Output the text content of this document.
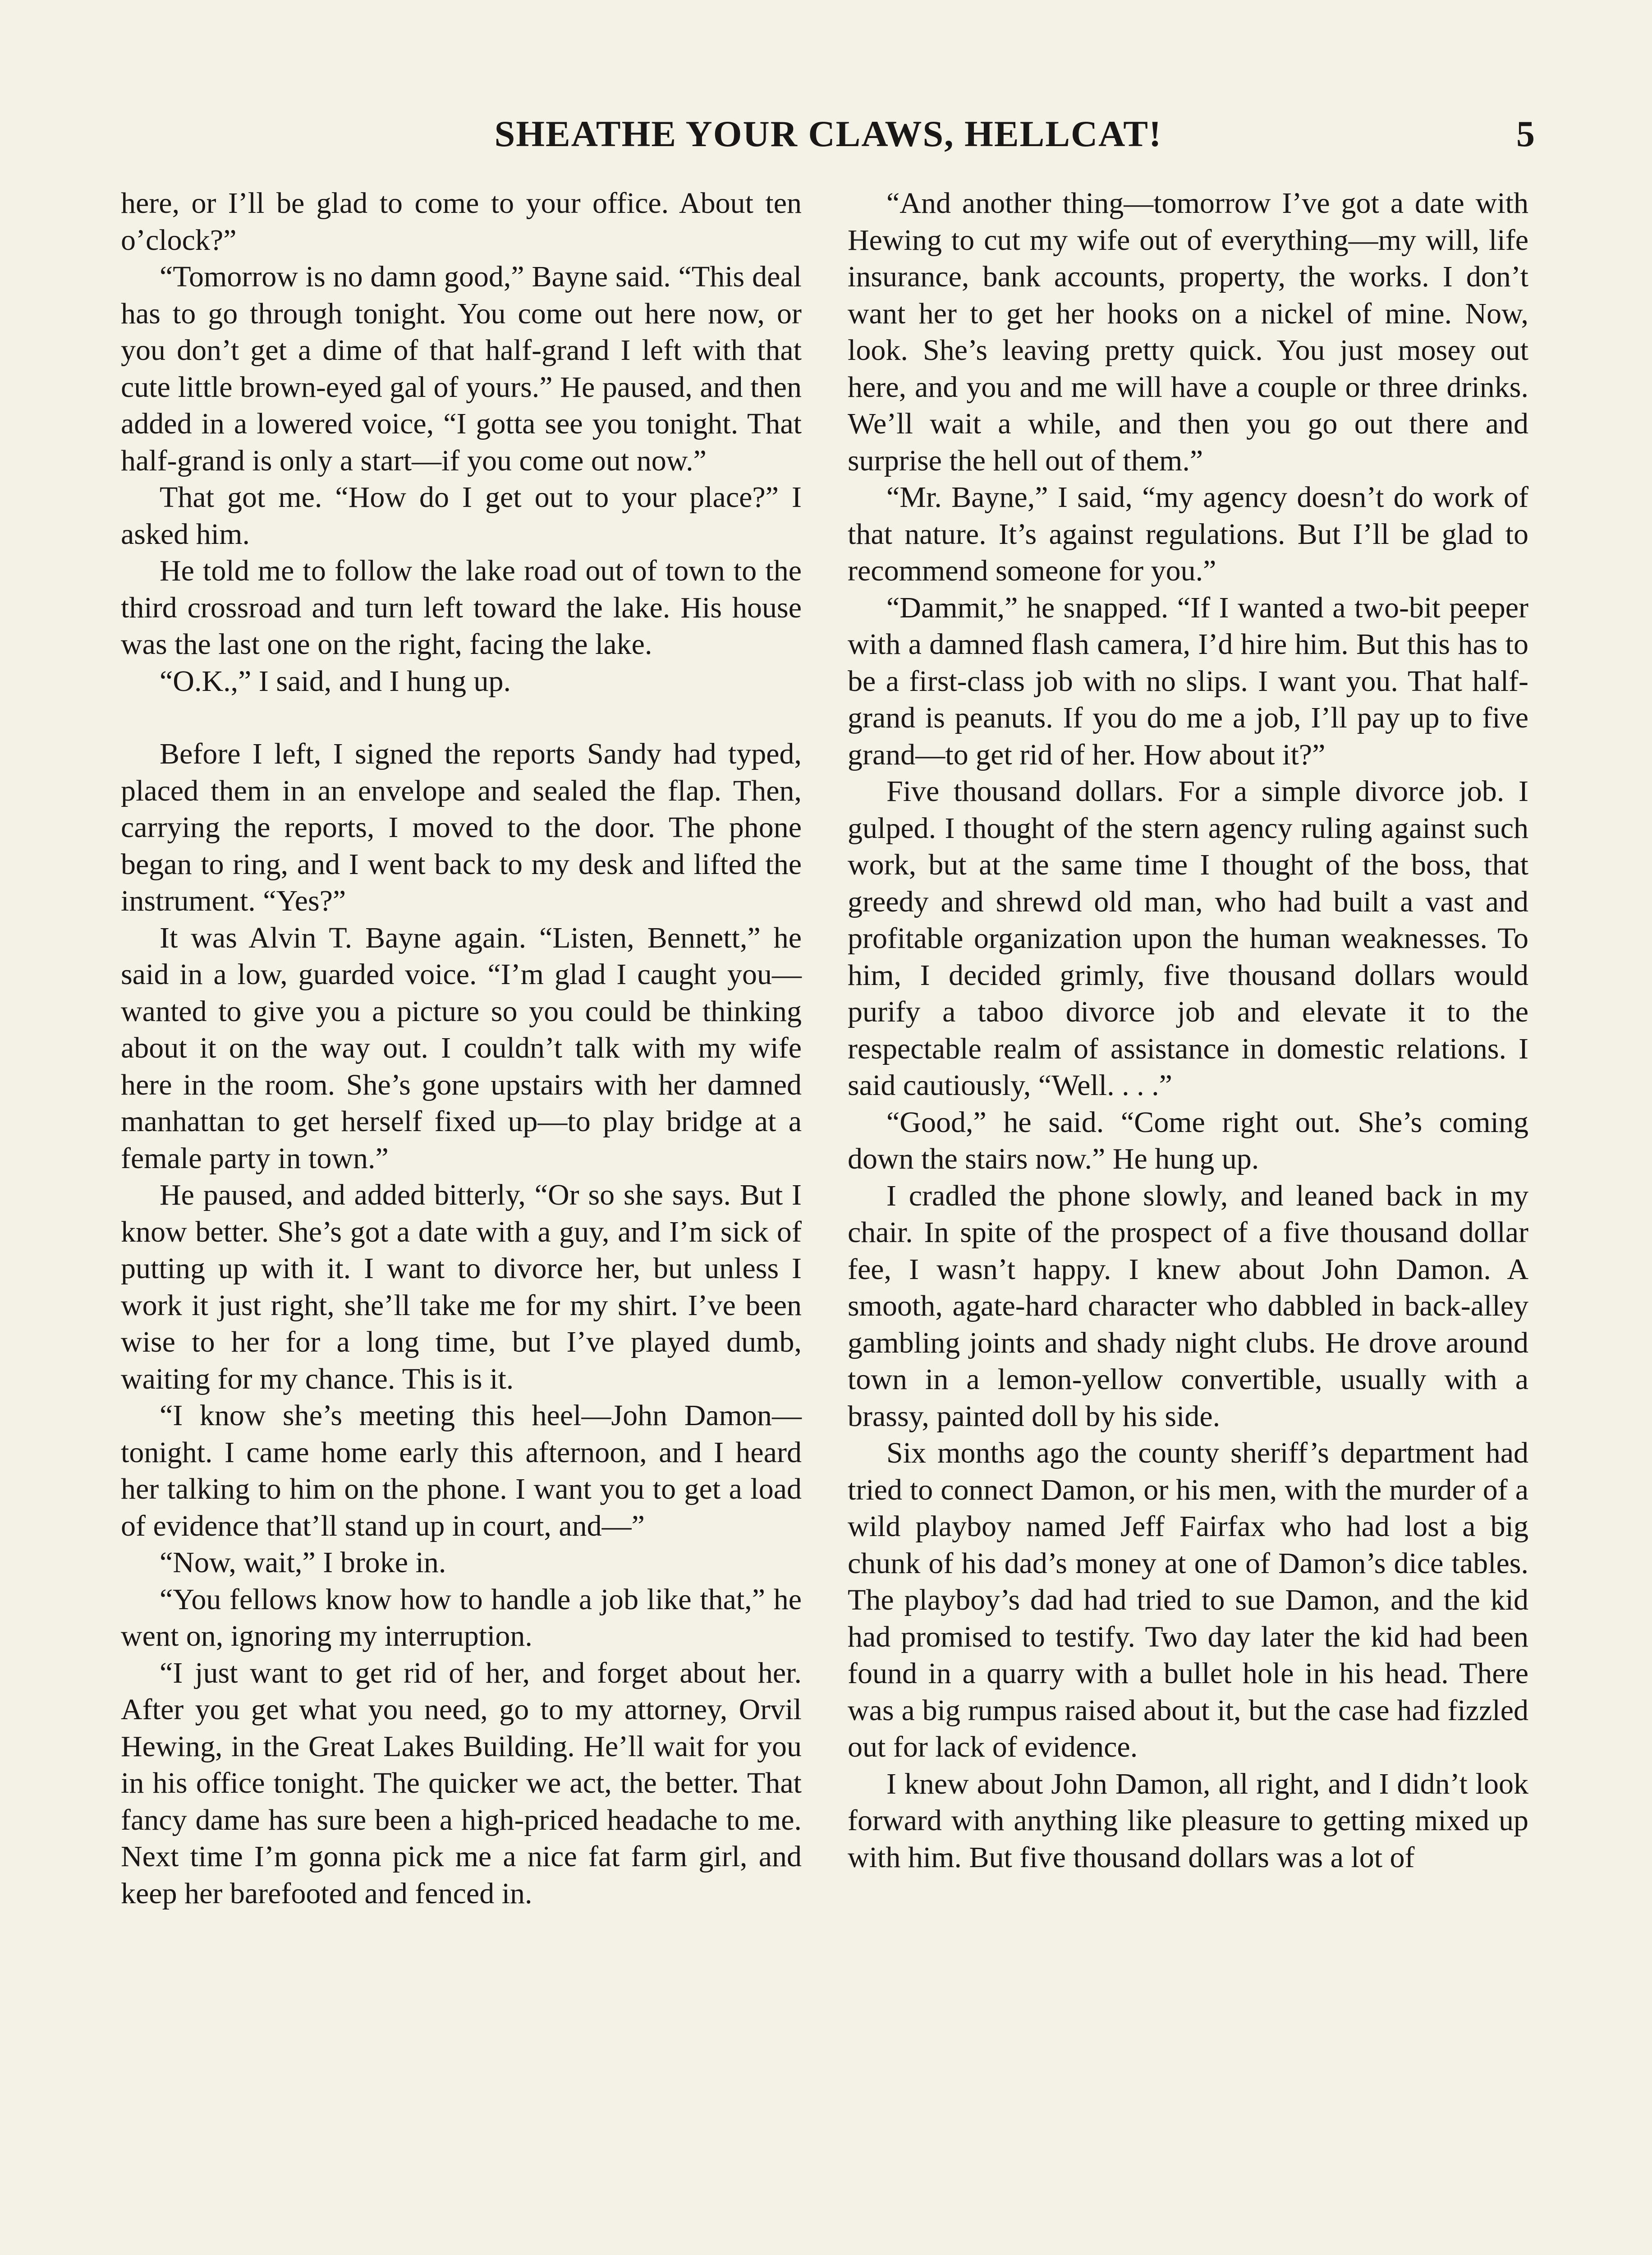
SHEATHE YOUR CLAWS, HELLCAT!	5

here, or I’ll be glad to come to your office. About ten o’clock?”

“Tomorrow is no damn good,” Bayne said. “This deal has to go through tonight. You come out here now, or you don’t get a dime of that half-grand I left with that cute little brown-eyed gal of yours.” He paused, and then added in a lowered voice, “I gotta see you tonight. That half-grand is only a start—if you come out now.”

That got me. “How do I get out to your place?” I asked him.

He told me to follow the lake road out of town to the third crossroad and turn left toward the lake. His house was the last one on the right, facing the lake.

“O.K.,” I said, and I hung up.

Before I left, I signed the reports Sandy had typed, placed them in an envelope and sealed the flap. Then, carrying the reports, I moved to the door. The phone began to ring, and I went back to my desk and lifted the instrument. “Yes?”

It was Alvin T. Bayne again. “Listen, Bennett,” he said in a low, guarded voice. “I’m glad I caught you—wanted to give you a picture so you could be thinking about it on the way out. I couldn’t talk with my wife here in the room. She’s gone upstairs with her damned manhattan to get herself fixed up—to play bridge at a female party in town.”

He paused, and added bitterly, “Or so she says. But I know better. She’s got a date with a guy, and I’m sick of putting up with it. I want to divorce her, but unless I work it just right, she’ll take me for my shirt. I’ve been wise to her for a long time, but I’ve played dumb, waiting for my chance. This is it.

“I know she’s meeting this heel—John Damon—tonight. I came home early this afternoon, and I heard her talking to him on the phone. I want you to get a load of evidence that’ll stand up in court, and—”

“Now, wait,” I broke in.

“You fellows know how to handle a job like that,” he went on, ignoring my interruption.

“I just want to get rid of her, and forget about her. After you get what you need, go to my attorney, Orvil Hewing, in the Great Lakes Building. He’ll wait for you in his office tonight. The quicker we act, the better. That fancy dame has sure been a high-priced headache to me. Next time I’m gonna pick me a nice fat farm girl, and keep her barefooted and fenced in.

“And another thing—tomorrow I’ve got a date with Hewing to cut my wife out of everything—my will, life insurance, bank accounts, property, the works. I don’t want her to get her hooks on a nickel of mine. Now, look. She’s leaving pretty quick. You just mosey out here, and you and me will have a couple or three drinks. We’ll wait a while, and then you go out there and surprise the hell out of them.”

“Mr. Bayne,” I said, “my agency doesn’t do work of that nature. It’s against regulations. But I’ll be glad to recommend someone for you.”

“Dammit,” he snapped. “If I wanted a two-bit peeper with a damned flash camera, I’d hire him. But this has to be a first-class job with no slips. I want you. That half-grand is peanuts. If you do me a job, I’ll pay up to five grand—to get rid of her. How about it?”

Five thousand dollars. For a simple divorce job. I gulped. I thought of the stern agency ruling against such work, but at the same time I thought of the boss, that greedy and shrewd old man, who had built a vast and profitable organization upon the human weaknesses. To him, I decided grimly, five thousand dollars would purify a taboo divorce job and elevate it to the respectable realm of assistance in domestic relations. I said cautiously, “Well. . . .”

“Good,” he said. “Come right out. She’s coming down the stairs now.” He hung up.

I cradled the phone slowly, and leaned back in my chair. In spite of the prospect of a five thousand dollar fee, I wasn’t happy. I knew about John Damon. A smooth, agate-hard character who dabbled in back-alley gambling joints and shady night clubs. He drove around town in a lemon-yellow convertible, usually with a brassy, painted doll by his side.

Six months ago the county sheriff’s department had tried to connect Damon, or his men, with the murder of a wild playboy named Jeff Fairfax who had lost a big chunk of his dad’s money at one of Damon’s dice tables. The playboy’s dad had tried to sue Damon, and the kid had promised to testify. Two day later the kid had been found in a quarry with a bullet hole in his head. There was a big rumpus raised about it, but the case had fizzled out for lack of evidence.

I knew about John Damon, all right, and I didn’t look forward with anything like pleasure to getting mixed up with him. But five thousand dollars was a lot of
